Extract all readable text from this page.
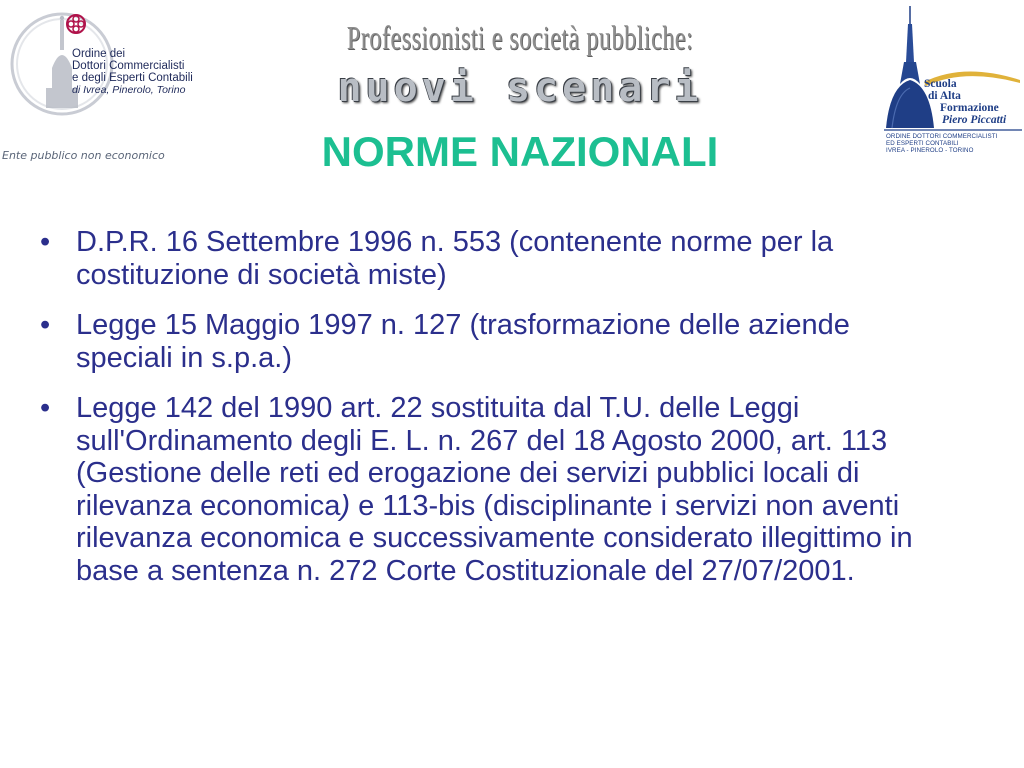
Ordine dei
Dottori Commercialisti
e degli Esperti Contabili
di Ivrea, Pinerolo, Torino
Ente pubblico non economico
Professionisti e società pubbliche:
nuovi scenari
NORME NAZIONALI
Scuola
di Alta
Formazione
Piero Piccatti
ORDINE DOTTORI COMMERCIALISTI
ED ESPERTI CONTABILI
IVREA - PINEROLO - TORINO
• D.P.R. 16 Settembre 1996 n. 553 (contenente norme per la costituzione di società miste)
• Legge 15 Maggio 1997 n. 127 (trasformazione delle aziende speciali in s.p.a.)
• Legge 142 del 1990 art. 22 sostituita dal T.U. delle Leggi sull'Ordinamento degli E. L. n. 267 del 18 Agosto 2000, art. 113 (Gestione delle reti ed erogazione dei servizi pubblici locali di rilevanza economica) e 113-bis (disciplinante i servizi non aventi rilevanza economica e successivamente considerato illegittimo in base a sentenza n. 272 Corte Costituzionale del 27/07/2001.
